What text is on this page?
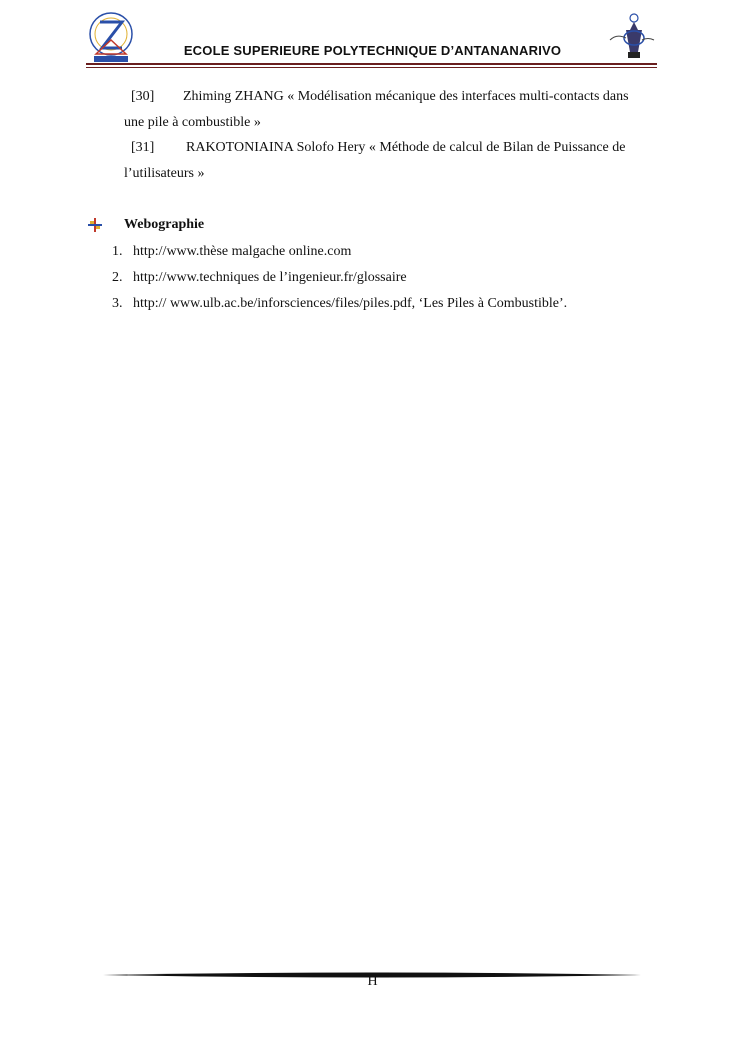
ECOLE SUPERIEURE POLYTECHNIQUE D’ANTANANARIVO
[30] Zhiming ZHANG « Modélisation mécanique des interfaces multi-contacts dans
une pile à combustible »
[31] RAKOTONIAINA Solofo Hery « Méthode de calcul de Bilan de Puissance de
l’utilisateurs »
Webographie
1. http://www.thèse malgache online.com
2. http://www.techniques de l’ingenieur.fr/glossaire
3. http:// www.ulb.ac.be/inforsciences/files/piles.pdf, ‘Les Piles à Combustible’.
H
